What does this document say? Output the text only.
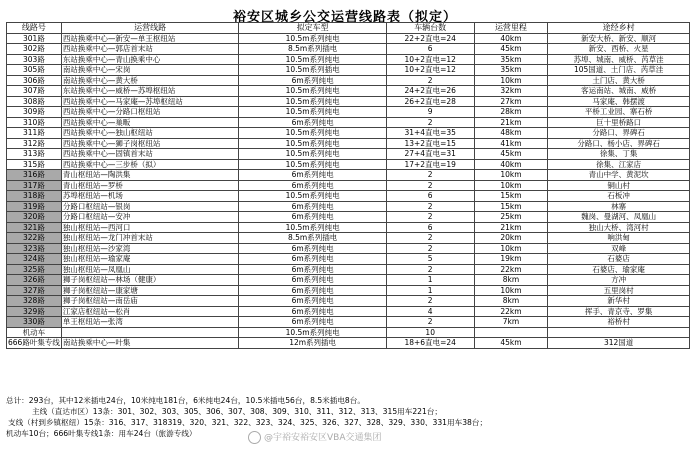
裕安区城乡公交运营线路表（拟定）
线路号	运营线路	拟定车型	车辆台数	运营里程	途经乡村
301路	西站换乘中心—新安—单王枢纽站	10.5m系列纯电	22+2直电=24	40km	新安大桥、新安、顺河
302路	西站换乘中心—郭店首末站	8.5m系列插电	6	45km	新安、西桥、火星
303路	东站换乘中心—青山换乘中心	10.5m系列纯电	10+2直电=12	35km	苏埠、城南、威桥、芮草洼
305路	南站换乘中心—宋岗	10.5m系列插电	10+2直电=12	35km	105国道、土门店、芮草洼
306路	南站换乘中心—黄大桥	6m系列纯电	2	10km	土门店、黄大桥
307路	东站换乘中心—威桥—苏埠枢纽站	10.5m系列纯电	24+2直电=26	32km	客运南站、城南、威桥
308路	西站换乘中心—马家庵—苏埠枢纽站	10.5m系列纯电	26+2直电=28	27km	马家庵、韩摆渡
309路	西站换乘中心—分路口枢纽站	10.5m系列纯电	9	28km	平桥工业园、寨石桥
310路	西站换乘中心—巢畈	6m系列纯电	2	21km	巨十里桥路口
311路	西站换乘中心—独山枢纽站	10.5m系列纯电	31+4直电=35	48km	分路口、界碑石
312路	西站换乘中心—狮子岗枢纽站	10.5m系列纯电	13+2直电=15	41km	分路口、杨小店、界碑石
313路	西站换乘中心—固镇首末站	10.5m系列纯电	27+4直电=31	45km	徐集、丁集
315路	西站换乘中心—三步桥（拟）	10.5m系列纯电	17+2直电=19	40km	徐集、江家店
316路	青山枢纽站—陶洪集	6m系列纯电	2	10km	青山中学、黄泥坎
317路	青山枢纽站—罗桥	6m系列纯电	2	10km	铜山村
318路	苏埠枢纽站—机场	10.5m系列纯电	6	15km	石板冲
319路	分路口枢纽站—银岗	6m系列纯电	2	15km	林寨
320路	分路口枢纽站—安冲	6m系列纯电	2	25km	魏岗、曼湖河、凤凰山
321路	独山枢纽站—西河口	10.5m系列纯电	6	21km	独山大桥、湾河村
322路	独山枢纽站—龙门冲首末站	8.5m系列插电	2	20km	响洪甸
323路	独山枢纽站—沙家湾	6m系列纯电	2	10km	双峰
324路	独山枢纽站—瑜家庵	6m系列纯电	5	19km	石婆店
325路	独山枢纽站—凤凰山	6m系列纯电	2	22km	石婆店、瑜家庵
326路	狮子岗枢纽站—林场（健康）	6m系列纯电	1	8km	方冲
327路	狮子岗枢纽站—康家塘	6m系列纯电	1	10km	五里岗村
328路	狮子岗枢纽站—南岳庙	6m系列纯电	2	8km	新华村
329路	江家店枢纽站—松肖	6m系列纯电	4	22km	挥手、青京寺、罗集
330路	单王枢纽站—张湾	6m系列纯电	2	7km	裕桥村
机动车		10.5m系列纯电	10		
666路叶集专线	南站换乘中心—叶集	12m系列插电	18+6直电=24	45km	312国道
总计：293台，其中12米插电24台，10米纯电181台，6米纯电24台，10.5米插电56台，8.5米插电8台。
主线（直达市区）13条：301、302、303、305、306、307、308、309、310、311、312、313、315用车221台；
支线（村到乡镇枢纽）15条：316、317、318319、320、321、322、323、324、325、326、327、328、329、330、331用车38台；
机动车10台；666叶集专线1条：用车24台（旅游专线）	@宇裕安裕安区VBA交通集团
